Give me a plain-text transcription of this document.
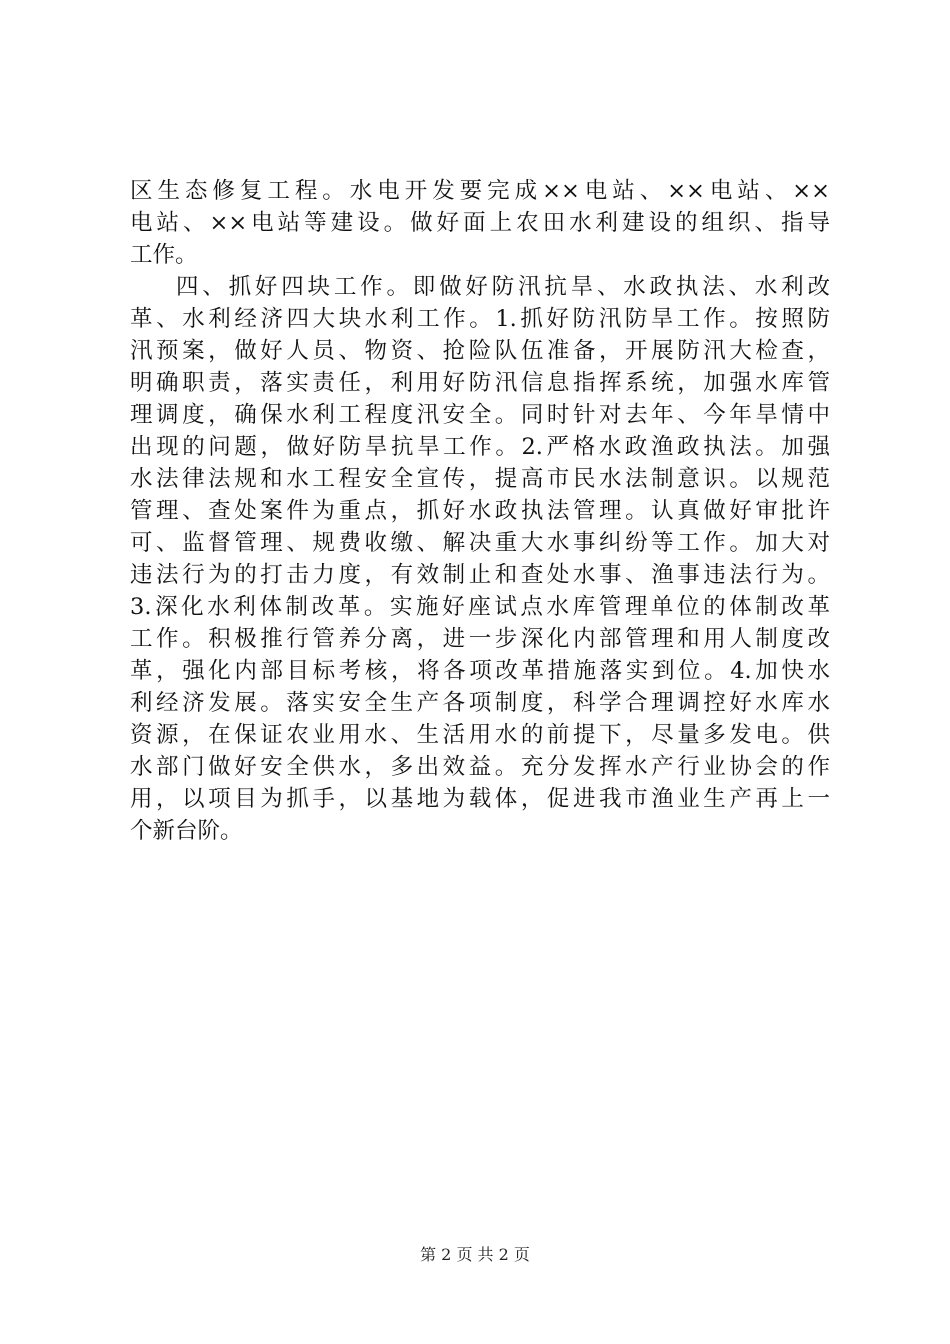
区生态修复工程。水电开发要完成××电站、××电站、××
电站、××电站等建设。做好面上农田水利建设的组织、指导
工作。
四、抓好四块工作。即做好防汛抗旱、水政执法、水利改
革、水利经济四大块水利工作。1.抓好防汛防旱工作。按照防
汛预案，做好人员、物资、抢险队伍准备，开展防汛大检查，
明确职责，落实责任，利用好防汛信息指挥系统，加强水库管
理调度，确保水利工程度汛安全。同时针对去年、今年旱情中
出现的问题，做好防旱抗旱工作。2.严格水政渔政执法。加强
水法律法规和水工程安全宣传，提高市民水法制意识。以规范
管理、查处案件为重点，抓好水政执法管理。认真做好审批许
可、监督管理、规费收缴、解决重大水事纠纷等工作。加大对
违法行为的打击力度，有效制止和查处水事、渔事违法行为。
3.深化水利体制改革。实施好座试点水库管理单位的体制改革
工作。积极推行管养分离，进一步深化内部管理和用人制度改
革，强化内部目标考核，将各项改革措施落实到位。4.加快水
利经济发展。落实安全生产各项制度，科学合理调控好水库水
资源，在保证农业用水、生活用水的前提下，尽量多发电。供
水部门做好安全供水，多出效益。充分发挥水产行业协会的作
用，以项目为抓手，以基地为载体，促进我市渔业生产再上一
个新台阶。
第 2 页 共 2 页
